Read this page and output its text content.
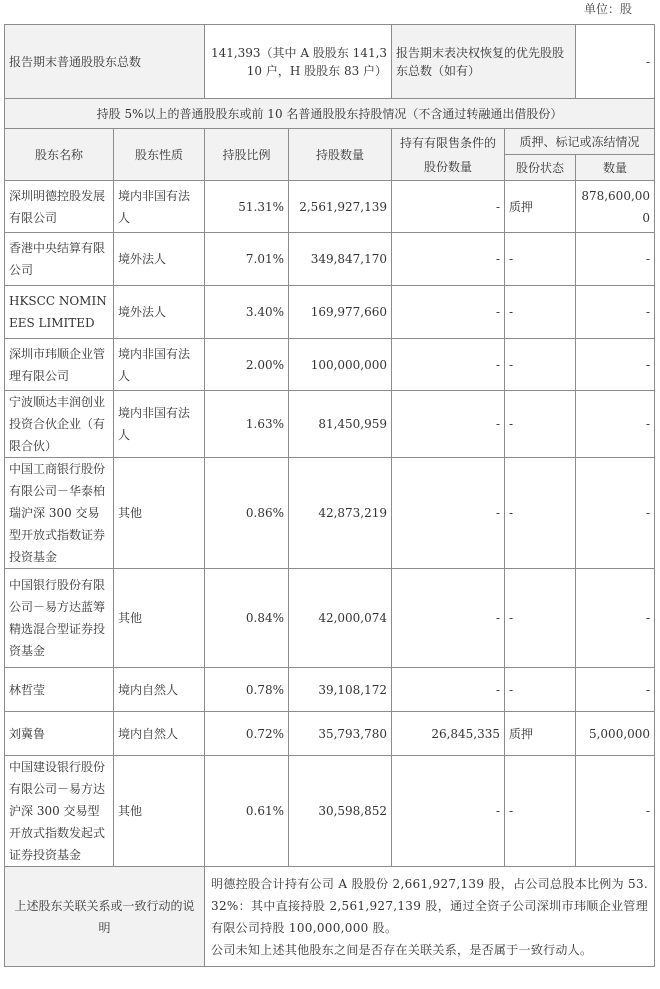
单位：股
报告期末普通股股东总数		141,393（其中 A 股股东 141,310 户，H 股股东 83 户）		报告期末表决权恢复的优先股股东总数（如有）		-
持股 5%以上的普通股股东或前 10 名普通股股东持股情况（不含通过转融通出借股份）						
股东名称	股东性质	持股比例	持股数量	持有有限售条件的股份数量	质押、标记或冻结情况	
					股份状态	数量
深圳明德控股发展有限公司	境内非国有法人	51.31%	2,561,927,139	-	质押	878,600,000
香港中央结算有限公司	境外法人	7.01%	349,847,170	-	-	-
HKSCC NOMINEES LIMITED	境外法人	3.40%	169,977,660	-	-	-
深圳市玮顺企业管理有限公司	境内非国有法人	2.00%	100,000,000	-	-	-
宁波顺达丰润创业投资合伙企业（有限合伙）	境内非国有法人	1.63%	81,450,959	-	-	-
中国工商银行股份有限公司－华泰柏瑞沪深 300 交易型开放式指数证券投资基金	其他	0.86%	42,873,219	-	-	-
中国银行股份有限公司－易方达蓝筹精选混合型证券投资基金	其他	0.84%	42,000,074	-	-	-
林哲莹	境内自然人	0.78%	39,108,172	-	-	-
刘冀鲁	境内自然人	0.72%	35,793,780	26,845,335	质押	5,000,000
中国建设银行股份有限公司－易方达沪深 300 交易型开放式指数发起式证券投资基金	其他	0.61%	30,598,852	-	-	-
上述股东关联关系或一致行动的说明		明德控股合计持有公司 A 股股份 2,661,927,139 股，占公司总股本比例为 53.32%：其中直接持股 2,561,927,139 股，通过全资子公司深圳市玮顺企业管理有限公司持股 100,000,000 股。

公司未知上述其他股东之间是否存在关联关系，是否属于一致行动人。				
